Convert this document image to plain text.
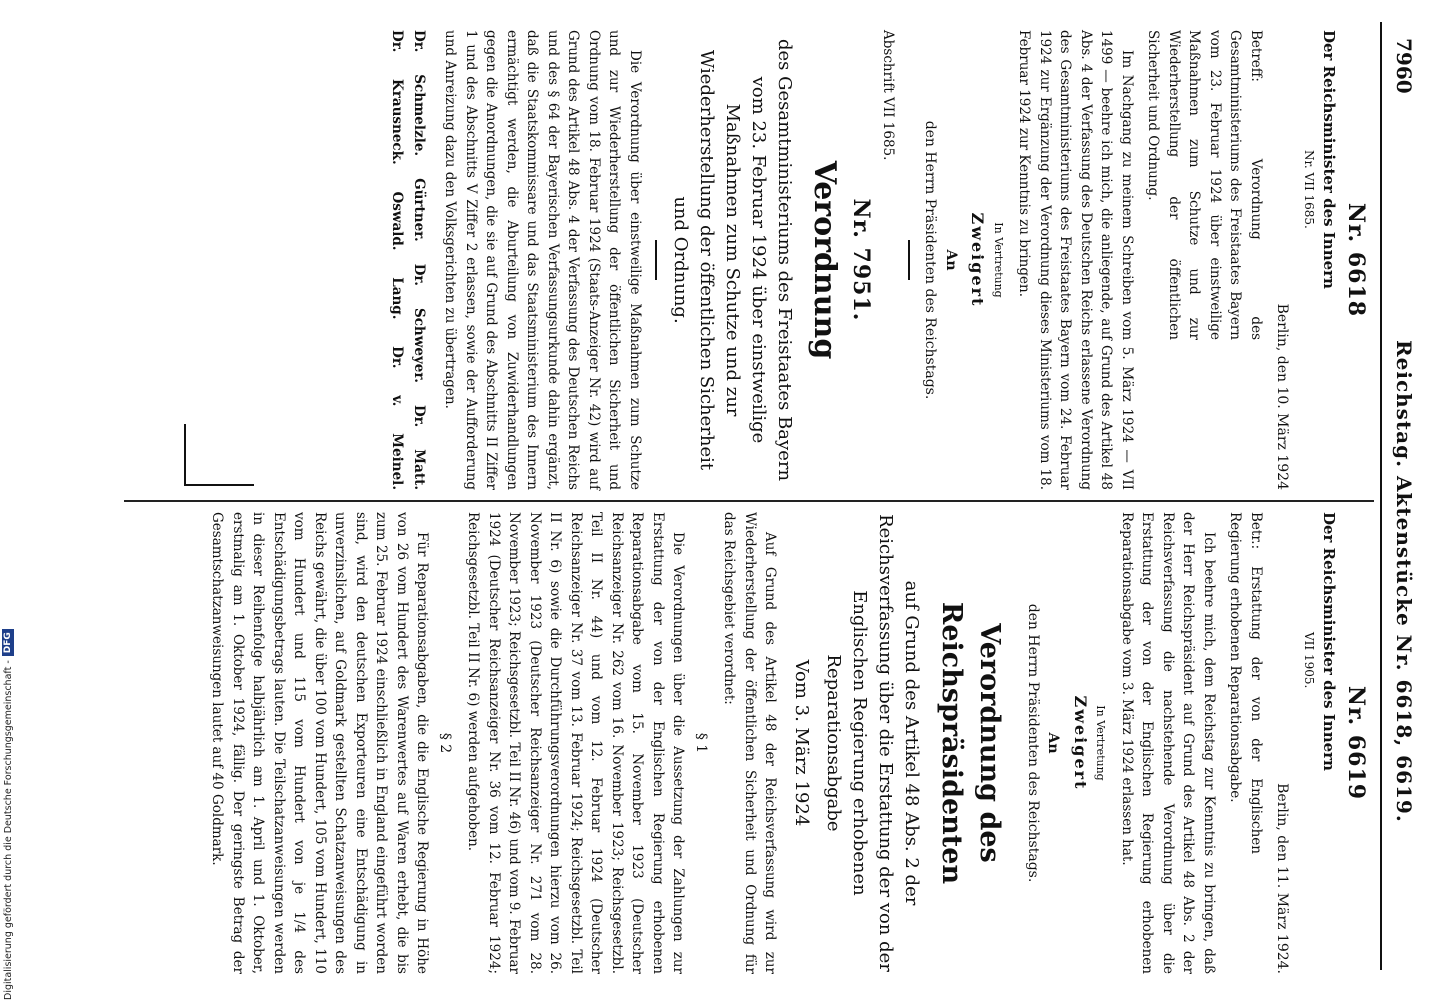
7960
Reichstag. Aktenstücke Nr. 6618, 6619.
Nr. 6618
Der Reichsminister des Innern
Nr. VII 1685.
Berlin, den 10. März 1924
Betreff: Verordnung des Gesamtministeriums des Freistaates Bayern vom 23. Februar 1924 über einstweilige Maßnahmen zum Schutze und zur Wiederherstellung der öffentlichen Sicherheit und Ordnung.
Im Nachgang zu meinem Schreiben vom 5. März 1924 — VII 1499 — beehre ich mich, die anliegende, auf Grund des Artikel 48 Abs. 4 der Verfassung des Deutschen Reichs erlassene Verordnung des Gesamtministeriums des Freistaates Bayern vom 24. Februar 1924 zur Ergänzung der Verordnung dieses Ministeriums vom 18. Februar 1924 zur Kenntnis zu bringen.
In Vertretung
Zweigert
An
den Herrn Präsidenten des Reichstags.
Abschrift VII 1685.
Nr. 7951.
Verordnung
des Gesamtministeriums des Freistaates Bayern vom 23. Februar 1924 über einstweilige Maßnahmen zum Schutze und zur Wiederherstellung der öffentlichen Sicherheit und Ordnung.
Die Verordnung über einstweilige Maßnahmen zum Schutze und zur Wiederherstellung der öffentlichen Sicherheit und Ordnung vom 18. Februar 1924 (Staats-Anzeiger Nr. 42) wird auf Grund des Artikel 48 Abs. 4 der Verfassung des Deutschen Reichs und des § 64 der Bayerischen Verfassungsurkunde dahin ergänzt, daß die Staatskommissare und das Staatsministerium des Innern ermächtigt werden, die Aburteilung von Zuwiderhandlungen gegen die Anordnungen, die sie auf Grund des Abschnitts II Ziffer 1 und des Abschnitts V Ziffer 2 erlassen, sowie der Aufforderung und Anreizung dazu den Volksgerichten zu übertragen.
Dr. Schmelzle. Gürtner. Dr. Schweyer. Dr. Matt.
Dr. Krausneck. Oswald. Lang. Dr. v. Meinel.
Nr. 6619
Der Reichsminister des Innern
VII 1905.
Berlin, den 11. März 1924.
Betr.: Erstattung der von der Englischen Regierung erhobenen Reparationsabgabe.
Ich beehre mich, dem Reichstag zur Kenntnis zu bringen, daß der Herr Reichspräsident auf Grund des Artikel 48 Abs. 2 der Reichsverfassung die nachstehende Verordnung über die Erstattung der von der Englischen Regierung erhobenen Reparationsabgabe vom 3. März 1924 erlassen hat.
In Vertretung
Zweigert
An
den Herrn Präsidenten des Reichstags.
Verordnung des Reichspräsidenten
auf Grund des Artikel 48 Abs. 2 der Reichsverfassung über die Erstattung der von der Englischen Regierung erhobenen Reparationsabgabe
Vom 3. März 1924
Auf Grund des Artikel 48 der Reichsverfassung wird zur Wiederherstellung der öffentlichen Sicherheit und Ordnung für das Reichsgebiet verordnet:
§ 1
Die Verordnungen über die Aussetzung der Zahlungen zur Erstattung der von der Englischen Regierung erhobenen Reparationsabgabe vom 15. November 1923 (Deutscher Reichsanzeiger Nr. 262 vom 16. November 1923; Reichsgesetzbl. Teil II Nr. 44) und vom 12. Februar 1924 (Deutscher Reichsanzeiger Nr. 37 vom 13. Februar 1924; Reichsgesetzbl. Teil II Nr. 6) sowie die Durchführungsverordnungen hierzu vom 26. November 1923 (Deutscher Reichsanzeiger Nr. 271 vom 28. November 1923; Reichsgesetzbl. Teil II Nr. 46) und vom 9. Februar 1924 (Deutscher Reichsanzeiger Nr. 36 vom 12. Februar 1924; Reichsgesetzbl. Teil II Nr. 6) werden aufgehoben.
§ 2
Für Reparationsabgaben, die die Englische Regierung in Höhe von 26 vom Hundert des Warenwertes auf Waren erhebt, die bis zum 25. Februar 1924 einschließlich in England eingeführt worden sind, wird den deutschen Exporteuren eine Entschädigung in unverzinslichen, auf Goldmark gestellten Schatzanweisungen des Reichs gewährt, die über 100 vom Hundert, 105 vom Hundert, 110 vom Hundert und 115 vom Hundert von je 1/4 des Entschädigungsbetrags lauten. Die Teilschatzanweisungen werden in dieser Reihenfolge halbjährlich am 1. April und 1. Oktober, erstmalig am 1. Oktober 1924, fällig. Der geringste Betrag der Gesamtschatzanweisungen lautet auf 40 Goldmark.
Digitalisierung gefördert durch die Deutsche Forschungsgemeinschaft -
DFG
